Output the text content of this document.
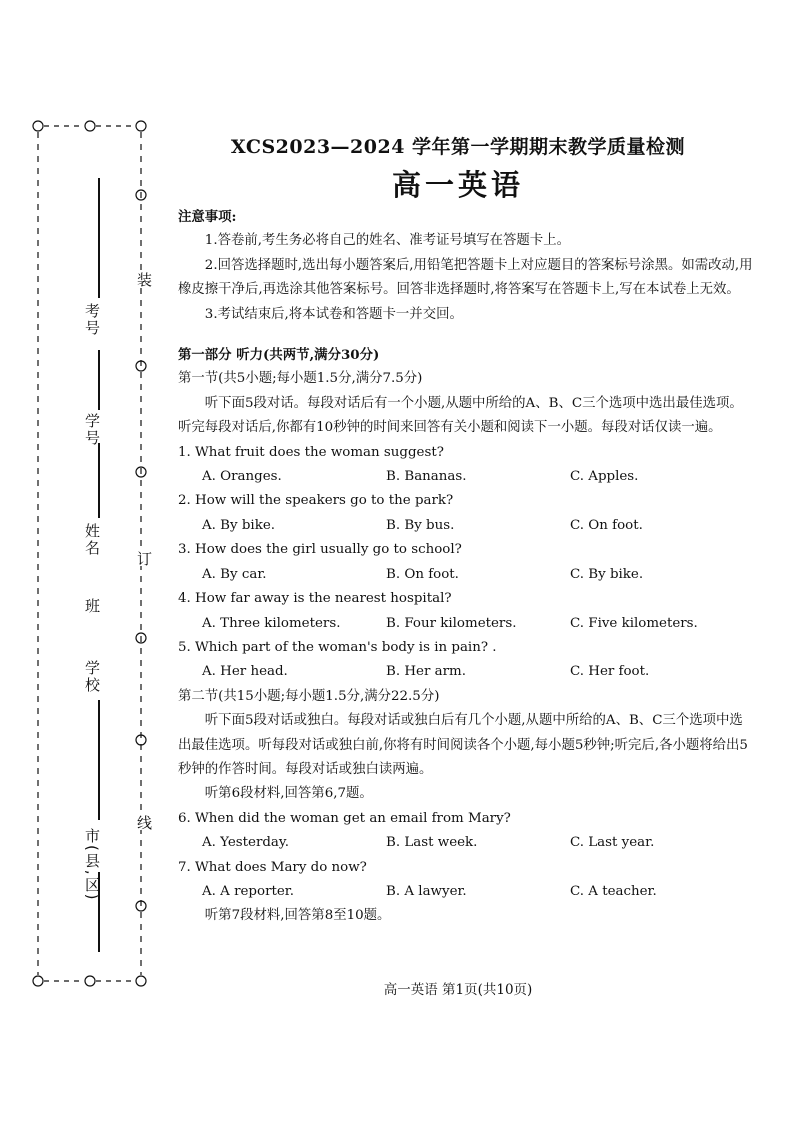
考号
学号
姓名
班
学校
市(县,区)
装
订
线
XCS2023—2024 学年第一学期期末教学质量检测
高一英语

注意事项:

1.答卷前,考生务必将自己的姓名、准考证号填写在答题卡上。

2.回答选择题时,选出每小题答案后,用铅笔把答题卡上对应题目的答案标号涂黑。如需改动,用橡皮擦干净后,再选涂其他答案标号。回答非选择题时,将答案写在答题卡上,写在本试卷上无效。

3.考试结束后,将本试卷和答题卡一并交回。

第一部分 听力(共两节,满分30分)

第一节(共5小题;每小题1.5分,满分7.5分)

听下面5段对话。每段对话后有一个小题,从题中所给的A、B、C三个选项中选出最佳选项。听完每段对话后,你都有10秒钟的时间来回答有关小题和阅读下一小题。每段对话仅读一遍。

1. What fruit does the woman suggest?

A. Oranges.	B. Bananas.	C. Apples.

2. How will the speakers go to the park?

A. By bike.	B. By bus.	C. On foot.

3. How does the girl usually go to school?

A. By car.	B. On foot.	C. By bike.

4. How far away is the nearest hospital?

A. Three kilometers.	B. Four kilometers.	C. Five kilometers.

5. Which part of the woman's body is in pain? .

A. Her head.	B. Her arm.	C. Her foot.

第二节(共15小题;每小题1.5分,满分22.5分)

听下面5段对话或独白。每段对话或独白后有几个小题,从题中所给的A、B、C三个选项中选出最佳选项。听每段对话或独白前,你将有时间阅读各个小题,每小题5秒钟;听完后,各小题将给出5秒钟的作答时间。每段对话或独白读两遍。

听第6段材料,回答第6,7题。

6. When did the woman get an email from Mary?

A. Yesterday.	B. Last week.	C. Last year.

7. What does Mary do now?

A. A reporter.	B. A lawyer.	C. A teacher.

听第7段材料,回答第8至10题。

高一英语 第1页(共10页)
